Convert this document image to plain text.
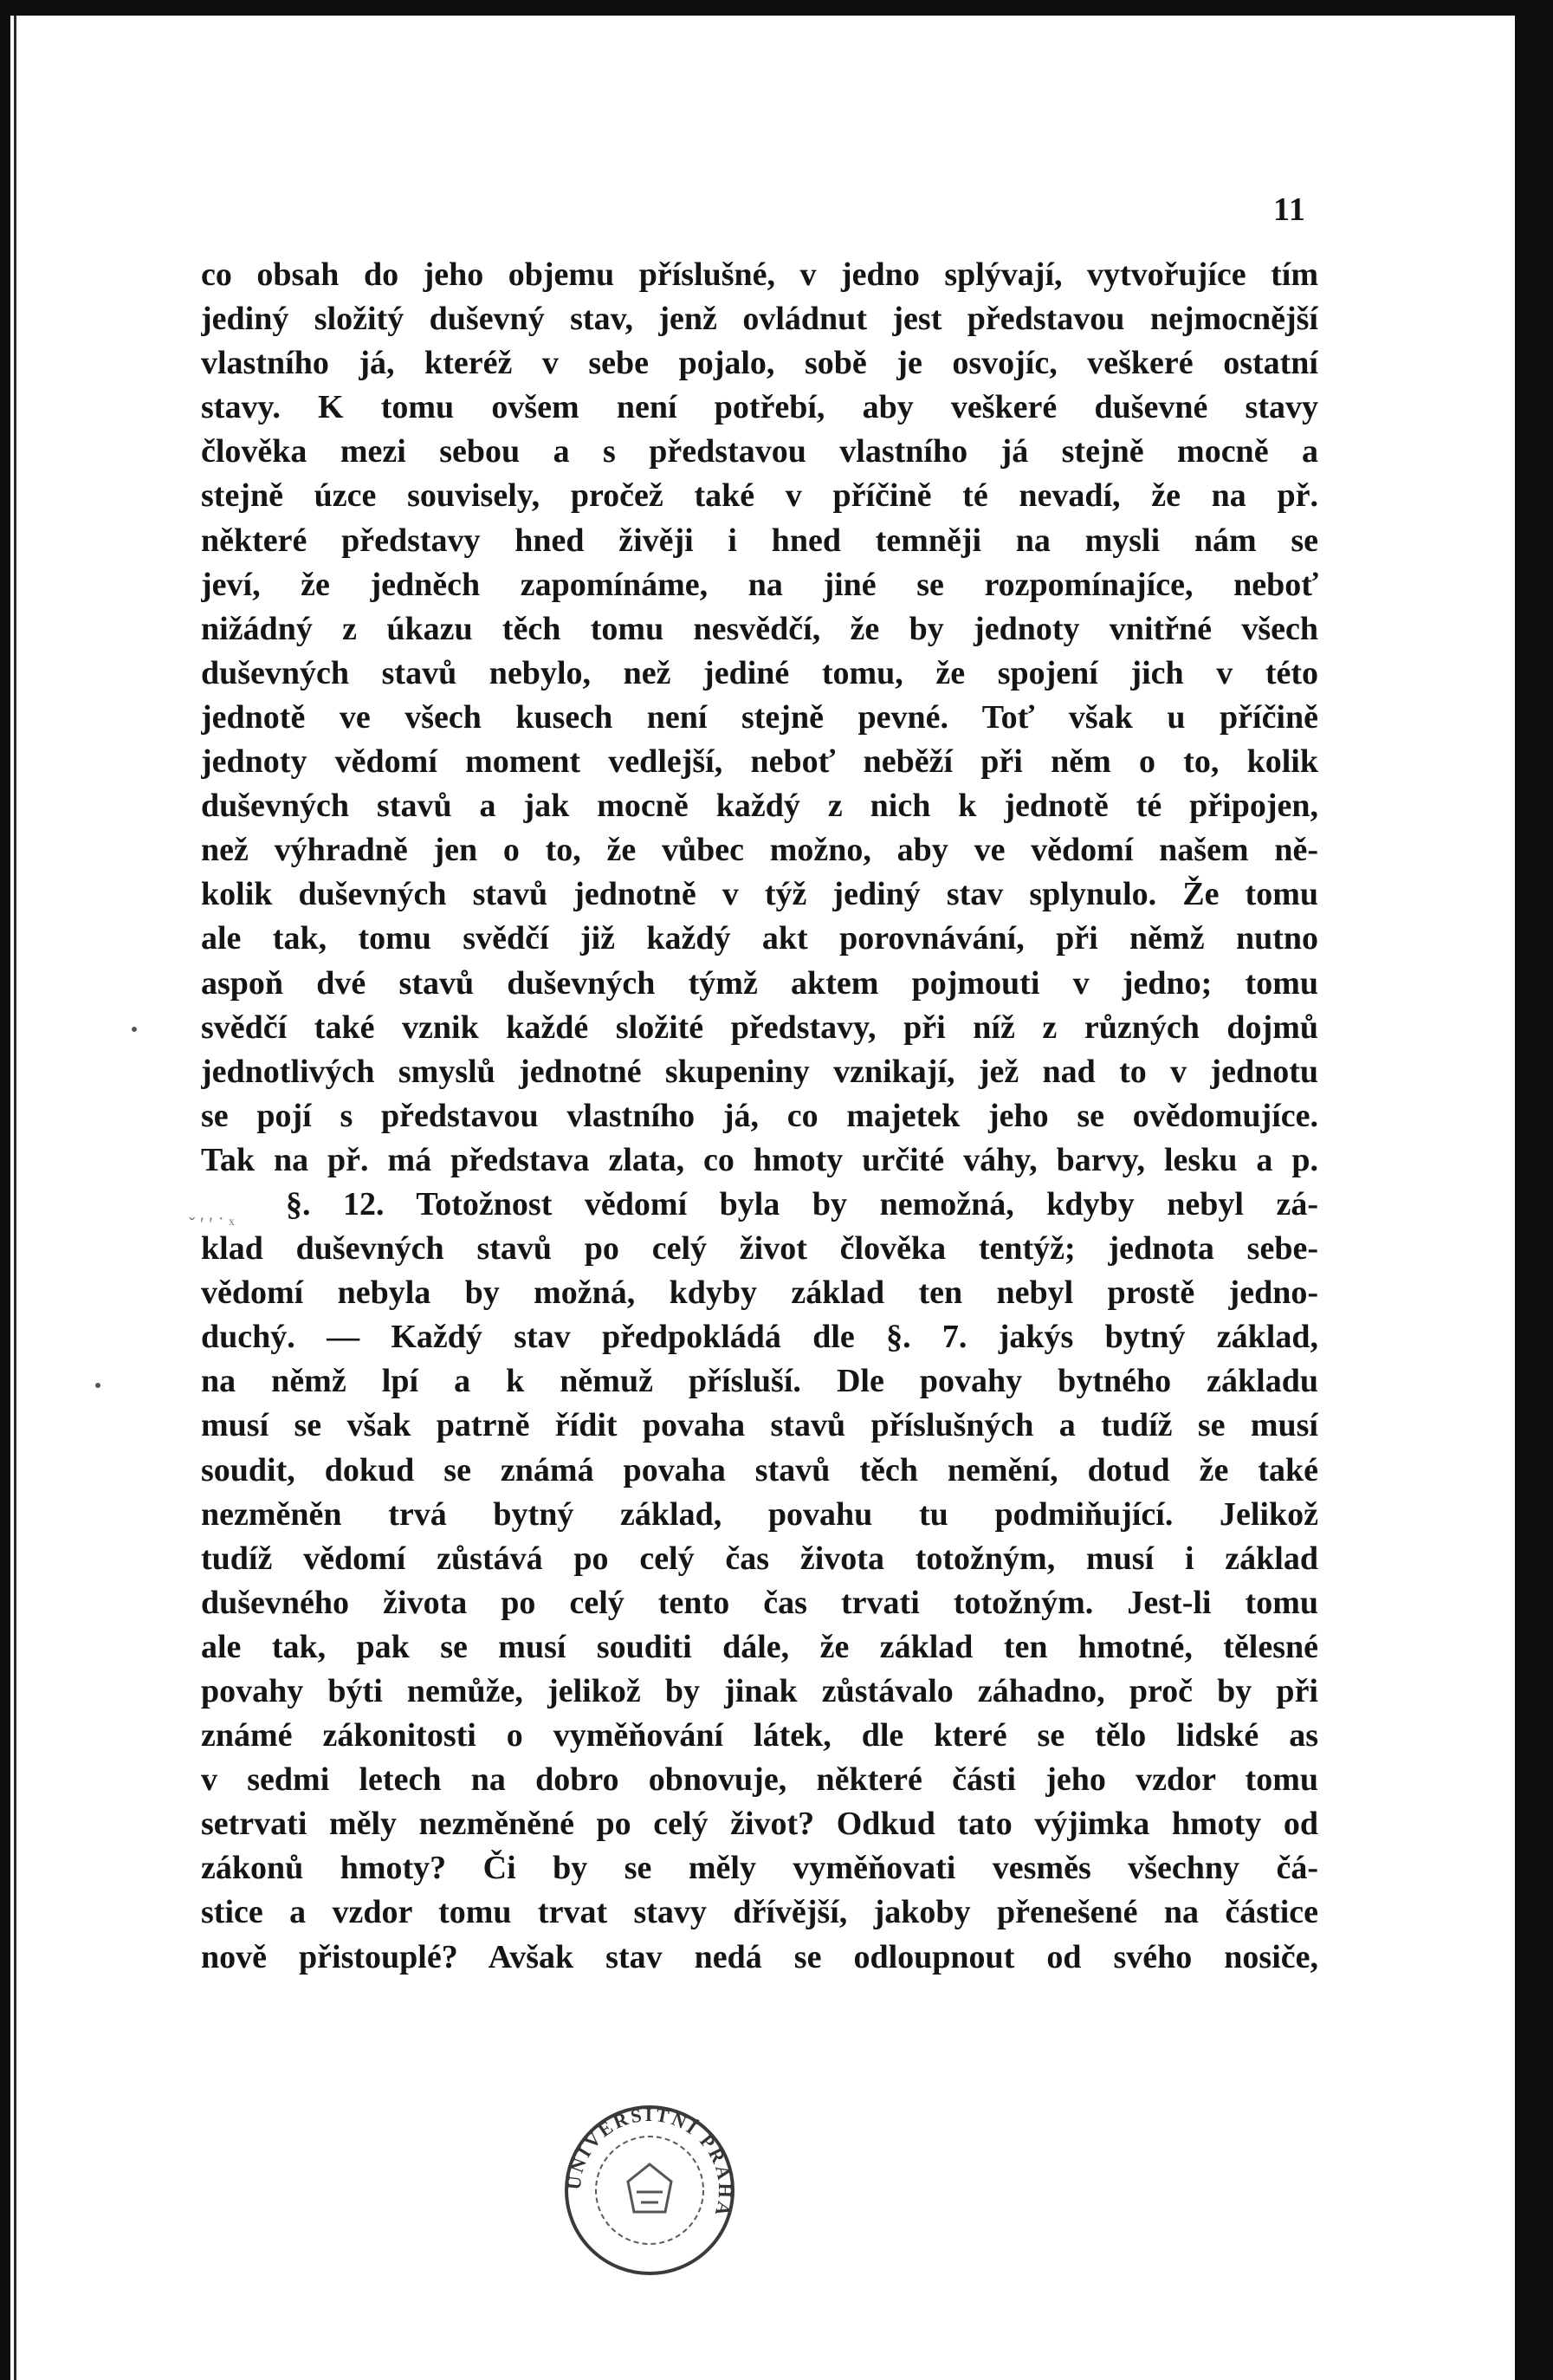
11
co obsah do jeho objemu příslušné, v jedno splývají, vytvořujíce tím
jediný složitý duševný stav, jenž ovládnut jest představou nejmocnější
vlastního já, kteréž v sebe pojalo, sobě je osvojíc, veškeré ostatní
stavy. K tomu ovšem není potřebí, aby veškeré duševné stavy
člověka mezi sebou a s představou vlastního já stejně mocně a
stejně úzce souvisely, pročež také v příčině té nevadí, že na př.
některé představy hned živěji i hned temněji na mysli nám se
jeví, že jedněch zapomínáme, na jiné se rozpomínajíce, neboť
nižádný z úkazu těch tomu nesvědčí, že by jednoty vnitřné všech
duševných stavů nebylo, než jediné tomu, že spojení jich v této
jednotě ve všech kusech není stejně pevné. Toť však u příčině
jednoty vědomí moment vedlejší, neboť neběží při něm o to, kolik
duševných stavů a jak mocně každý z nich k jednotě té připojen,
než výhradně jen o to, že vůbec možno, aby ve vědomí našem ně-
kolik duševných stavů jednotně v týž jediný stav splynulo. Že tomu
ale tak, tomu svědčí již každý akt porovnávání, při němž nutno
aspoň dvé stavů duševných týmž aktem pojmouti v jedno; tomu
svědčí také vznik každé složité představy, při níž z různých dojmů
jednotlivých smyslů jednotné skupeniny vznikají, jež nad to v jednotu
se pojí s představou vlastního já, co majetek jeho se ovědomujíce.
Tak na př. má představa zlata, co hmoty určité váhy, barvy, lesku a p.
§. 12. Totožnost vědomí byla by nemožná, kdyby nebyl zá-
klad duševných stavů po celý život člověka tentýž; jednota sebe-
vědomí nebyla by možná, kdyby základ ten nebyl prostě jedno-
duchý. — Každý stav předpokládá dle §. 7. jakýs bytný základ,
na němž lpí a k němuž přísluší. Dle povahy bytného základu
musí se však patrně řídit povaha stavů příslušných a tudíž se musí
soudit, dokud se známá povaha stavů těch nemění, dotud že také
nezměněn trvá bytný základ, povahu tu podmiňující. Jelikož
tudíž vědomí zůstává po celý čas života totožným, musí i základ
duševného života po celý tento čas trvati totožným. Jest-li tomu
ale tak, pak se musí souditi dále, že základ ten hmotné, tělesné
povahy býti nemůže, jelikož by jinak zůstávalo záhadno, proč by při
známé zákonitosti o vyměňování látek, dle které se tělo lidské as
v sedmi letech na dobro obnovuje, některé části jeho vzdor tomu
setrvati měly nezměněné po celý život? Odkud tato výjimka hmoty od
zákonů hmoty? Či by se měly vyměňovati vesměs všechny čá-
stice a vzdor tomu trvat stavy dřívější, jakoby přenešené na částice
nově přistouplé? Avšak stav nedá se odloupnout od svého nosiče,
ˇ ′ ′ ˙ ˣ
UNIVERSITNÍ PRAHA
